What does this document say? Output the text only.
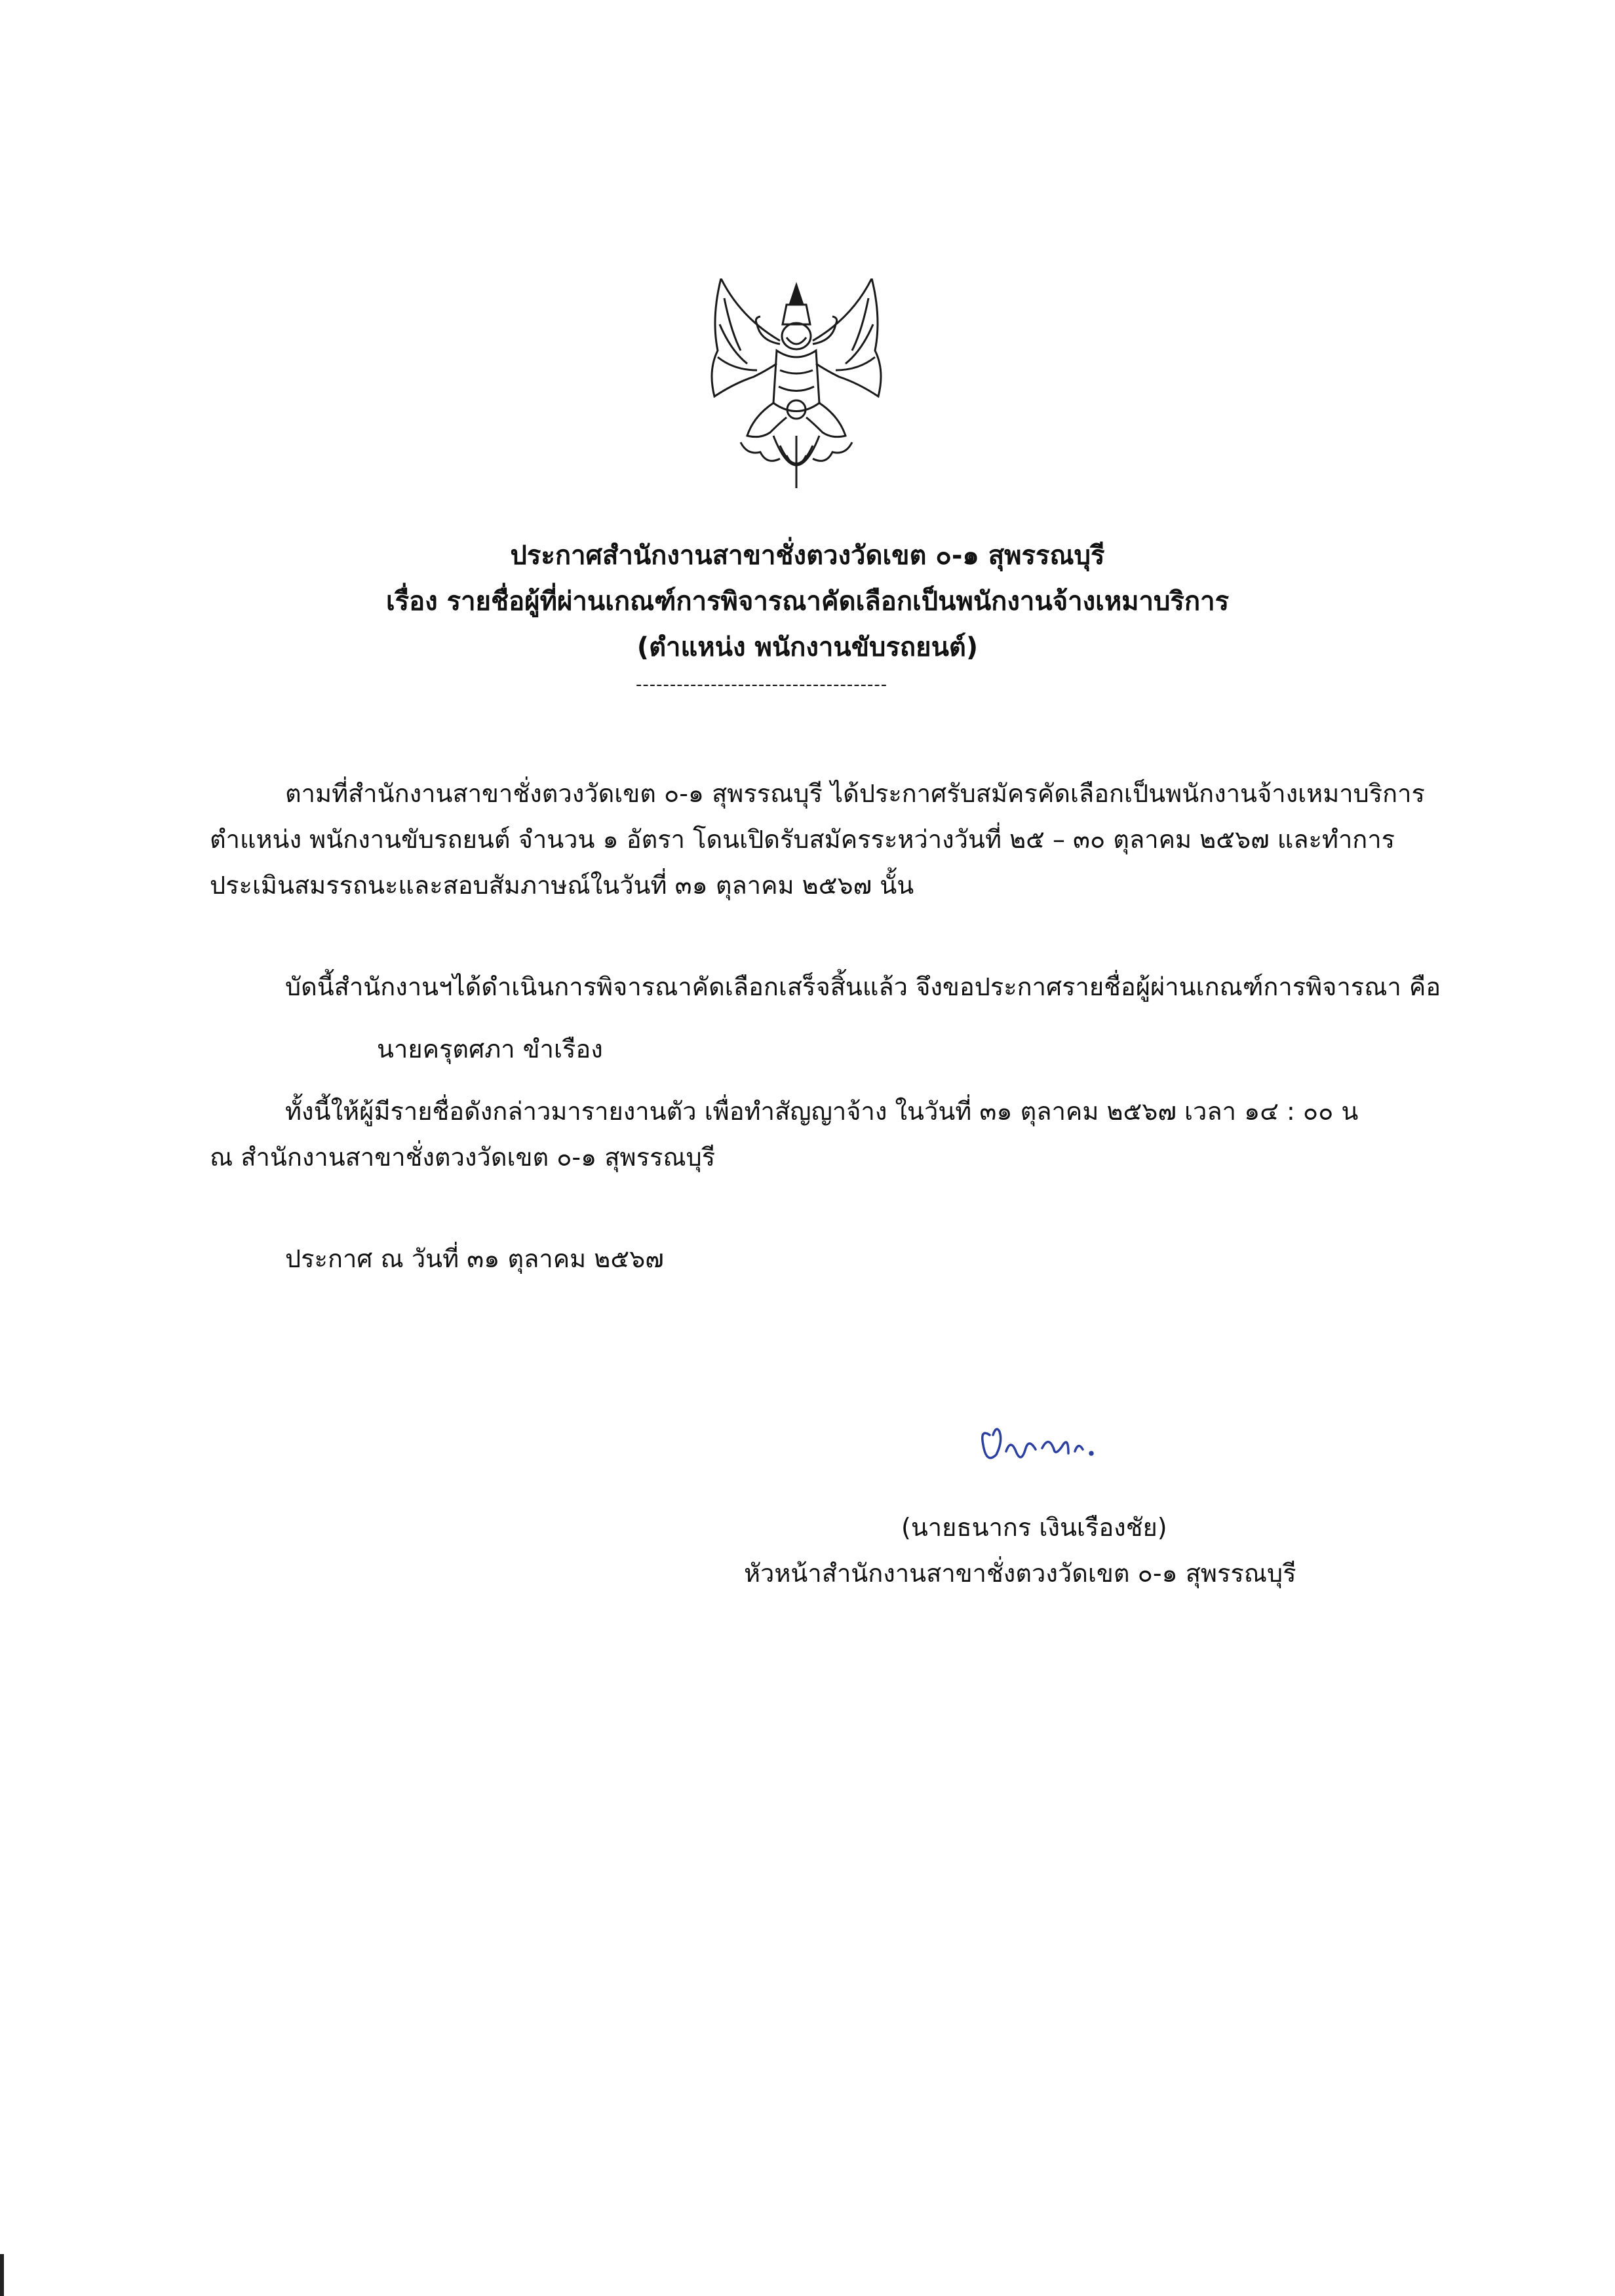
ประกาศสำนักงานสาขาชั่งตวงวัดเขต ๐-๑ สุพรรณบุรี
เรื่อง รายชื่อผู้ที่ผ่านเกณฑ์การพิจารณาคัดเลือกเป็นพนักงานจ้างเหมาบริการ
(ตำแหน่ง พนักงานขับรถยนต์)
-------------------------------------
ตามที่สำนักงานสาขาชั่งตวงวัดเขต ๐-๑ สุพรรณบุรี ได้ประกาศรับสมัครคัดเลือกเป็นพนักงานจ้างเหมาบริการ
ตำแหน่ง พนักงานขับรถยนต์ จำนวน ๑ อัตรา โดนเปิดรับสมัครระหว่างวันที่ ๒๕ – ๓๐ ตุลาคม ๒๕๖๗ และทำการ
ประเมินสมรรถนะและสอบสัมภาษณ์ในวันที่ ๓๑ ตุลาคม ๒๕๖๗ นั้น
บัดนี้สำนักงานฯได้ดำเนินการพิจารณาคัดเลือกเสร็จสิ้นแล้ว จึงขอประกาศรายชื่อผู้ผ่านเกณฑ์การพิจารณา คือ
นายครุตศภา ขำเรือง
ทั้งนี้ให้ผู้มีรายชื่อดังกล่าวมารายงานตัว เพื่อทำสัญญาจ้าง ในวันที่ ๓๑ ตุลาคม ๒๕๖๗ เวลา ๑๔ : ๐๐ น
ณ สำนักงานสาขาชั่งตวงวัดเขต ๐-๑ สุพรรณบุรี
ประกาศ ณ วันที่ ๓๑ ตุลาคม ๒๕๖๗
(นายธนากร เงินเรืองชัย)
หัวหน้าสำนักงานสาขาชั่งตวงวัดเขต ๐-๑ สุพรรณบุรี
